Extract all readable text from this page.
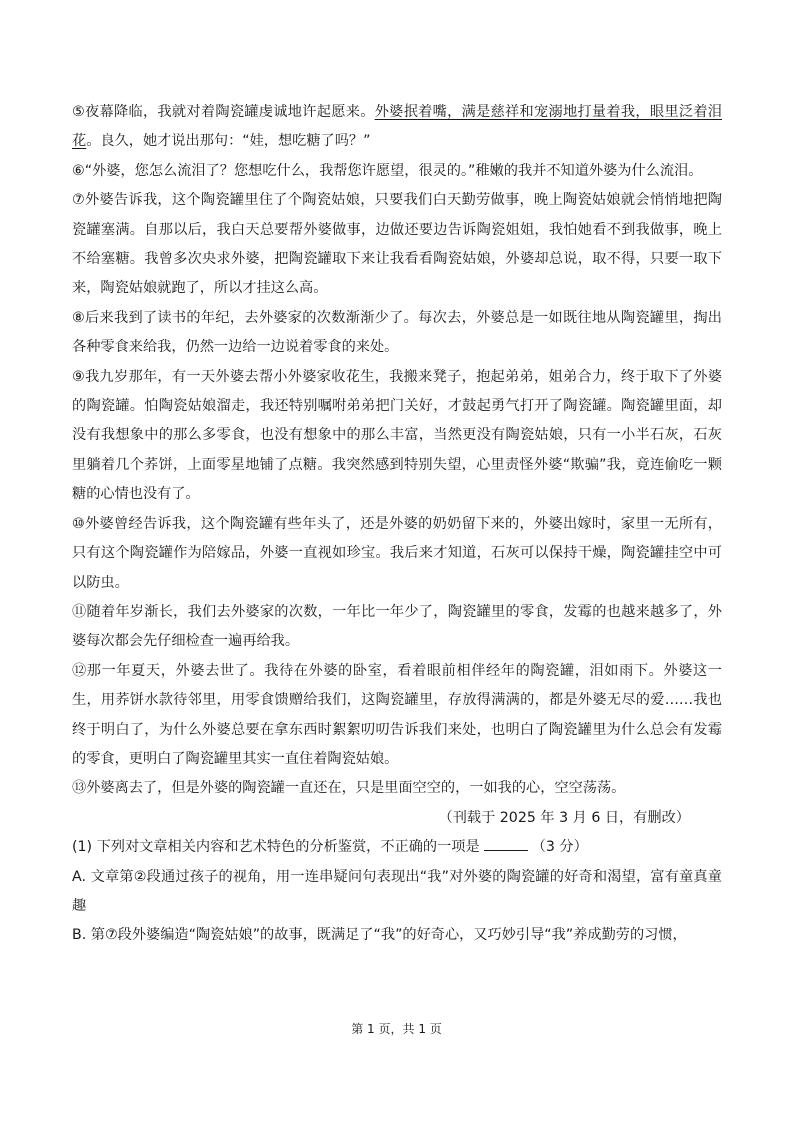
⑤夜幕降临，我就对着陶瓷罐虔诚地许起愿来。外婆抿着嘴，满是慈祥和宠溺地打量着我，眼里泛着泪花。良久，她才说出那句：“娃，想吃糖了吗？”

⑥“外婆，您怎么流泪了？您想吃什么，我帮您许愿望，很灵的。”稚嫩的我并不知道外婆为什么流泪。

⑦外婆告诉我，这个陶瓷罐里住了个陶瓷姑娘，只要我们白天勤劳做事，晚上陶瓷姑娘就会悄悄地把陶瓷罐塞满。自那以后，我白天总要帮外婆做事，边做还要边告诉陶瓷姐姐，我怕她看不到我做事，晚上不给塞糖。我曾多次央求外婆，把陶瓷罐取下来让我看看陶瓷姑娘，外婆却总说，取不得，只要一取下来，陶瓷姑娘就跑了，所以才挂这么高。

⑧后来我到了读书的年纪，去外婆家的次数渐渐少了。每次去，外婆总是一如既往地从陶瓷罐里，掏出各种零食来给我，仍然一边给一边说着零食的来处。

⑨我九岁那年，有一天外婆去帮小外婆家收花生，我搬来凳子，抱起弟弟，姐弟合力，终于取下了外婆的陶瓷罐。怕陶瓷姑娘溜走，我还特别嘱咐弟弟把门关好，才鼓起勇气打开了陶瓷罐。陶瓷罐里面，却没有我想象中的那么多零食，也没有想象中的那么丰富，当然更没有陶瓷姑娘，只有一小半石灰，石灰里躺着几个荞饼，上面零星地铺了点糖。我突然感到特别失望，心里责怪外婆“欺骗”我，竟连偷吃一颗糖的心情也没有了。

⑩外婆曾经告诉我，这个陶瓷罐有些年头了，还是外婆的奶奶留下来的，外婆出嫁时，家里一无所有，只有这个陶瓷罐作为陪嫁品，外婆一直视如珍宝。我后来才知道，石灰可以保持干燥，陶瓷罐挂空中可以防虫。

⑪随着年岁渐长，我们去外婆家的次数，一年比一年少了，陶瓷罐里的零食，发霉的也越来越多了，外婆每次都会先仔细检查一遍再给我。

⑫那一年夏天，外婆去世了。我待在外婆的卧室，看着眼前相伴经年的陶瓷罐，泪如雨下。外婆这一生，用荞饼水款待邻里，用零食馈赠给我们，这陶瓷罐里，存放得满满的，都是外婆无尽的爱……我也终于明白了，为什么外婆总要在拿东西时絮絮叨叨告诉我们来处，也明白了陶瓷罐里为什么总会有发霉的零食，更明白了陶瓷罐里其实一直住着陶瓷姑娘。

⑬外婆离去了，但是外婆的陶瓷罐一直还在，只是里面空空的，一如我的心，空空荡荡。

（刊载于 2025 年 3 月 6 日，有删改）

(1) 下列对文章相关内容和艺术特色的分析鉴赏，不正确的一项是	（3 分）

A. 文章第②段通过孩子的视角，用一连串疑问句表现出“我”对外婆的陶瓷罐的好奇和渴望，富有童真童趣

B. 第⑦段外婆编造“陶瓷姑娘”的故事，既满足了“我”的好奇心，又巧妙引导“我”养成勤劳的习惯，

第 1 页，共 1 页
